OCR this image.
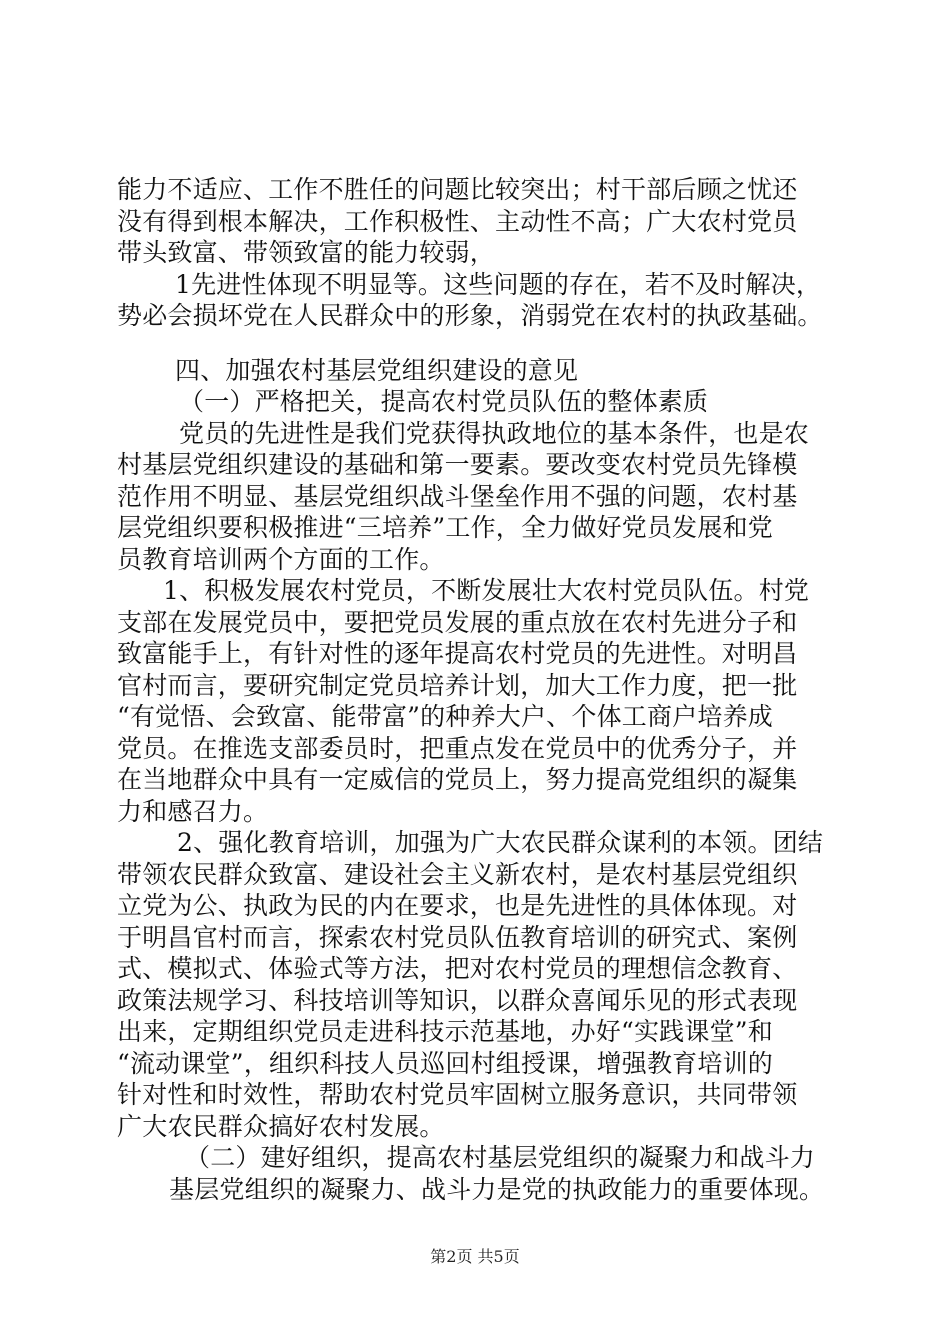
能力不适应、工作不胜任的问题比较突出；村干部后顾之忧还
没有得到根本解决，工作积极性、主动性不高；广大农村党员
带头致富、带领致富的能力较弱，
1先进性体现不明显等。这些问题的存在，若不及时解决，
势必会损坏党在人民群众中的形象，消弱党在农村的执政基础。
四、加强农村基层党组织建设的意见
（一）严格把关，提高农村党员队伍的整体素质
党员的先进性是我们党获得执政地位的基本条件，也是农
村基层党组织建设的基础和第一要素。要改变农村党员先锋模
范作用不明显、基层党组织战斗堡垒作用不强的问题，农村基
层党组织要积极推进“三培养”工作，全力做好党员发展和党
员教育培训两个方面的工作。
1、积极发展农村党员，不断发展壮大农村党员队伍。村党
支部在发展党员中，要把党员发展的重点放在农村先进分子和
致富能手上，有针对性的逐年提高农村党员的先进性。对明昌
官村而言，要研究制定党员培养计划，加大工作力度，把一批
“有觉悟、会致富、能带富”的种养大户、个体工商户培养成
党员。在推选支部委员时，把重点发在党员中的优秀分子，并
在当地群众中具有一定威信的党员上，努力提高党组织的凝集
力和感召力。
2、强化教育培训，加强为广大农民群众谋利的本领。团结
带领农民群众致富、建设社会主义新农村，是农村基层党组织
立党为公、执政为民的内在要求，也是先进性的具体体现。对
于明昌官村而言，探索农村党员队伍教育培训的研究式、案例
式、模拟式、体验式等方法，把对农村党员的理想信念教育、
政策法规学习、科技培训等知识，以群众喜闻乐见的形式表现
出来，定期组织党员走进科技示范基地，办好“实践课堂”和
“流动课堂”，组织科技人员巡回村组授课，增强教育培训的
针对性和时效性，帮助农村党员牢固树立服务意识，共同带领
广大农民群众搞好农村发展。
（二）建好组织，提高农村基层党组织的凝聚力和战斗力
基层党组织的凝聚力、战斗力是党的执政能力的重要体现。
第2页 共5页
